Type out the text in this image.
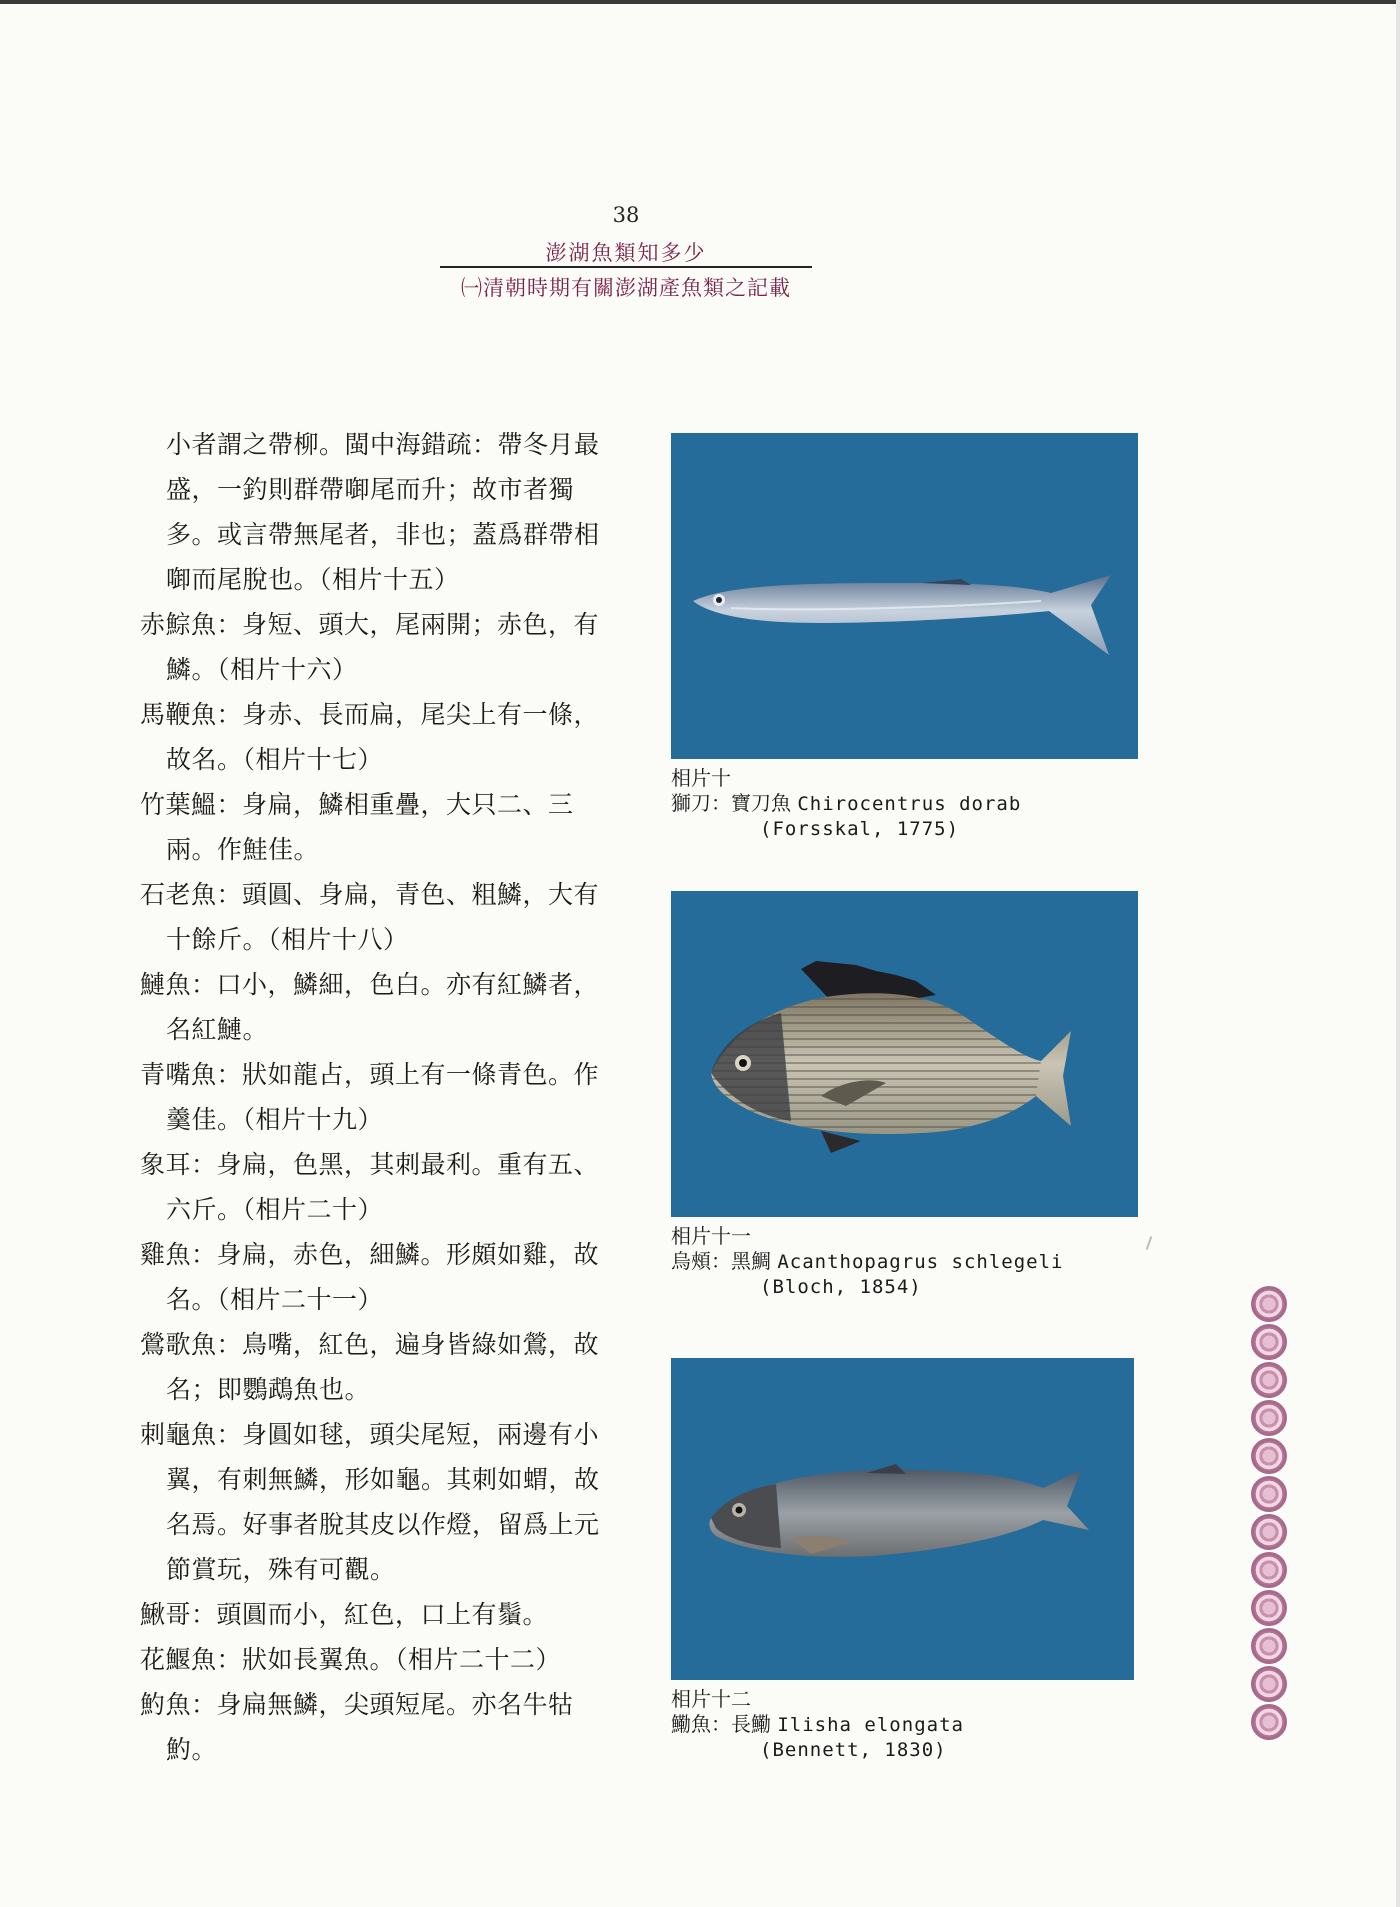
38
澎湖魚類知多少
㈠清朝時期有關澎湖產魚類之記載
小者謂之帶柳。閩中海錯疏：帶冬月最盛，一釣則群帶啣尾而升；故市者獨多。或言帶無尾者，非也；蓋爲群帶相啣而尾脫也。（相片十五）
赤鯮魚：身短、頭大，尾兩開；赤色，有鱗。（相片十六）
馬鞭魚：身赤、長而扁，尾尖上有一條，故名。（相片十七）
竹葉鰮：身扁，鱗相重疊，大只二、三兩。作鮭佳。
石老魚：頭圓、身扁，青色、粗鱗，大有十餘斤。（相片十八）
鰱魚：口小，鱗細，色白。亦有紅鱗者，名紅鰱。
青嘴魚：狀如龍占，頭上有一條青色。作羹佳。（相片十九）
象耳：身扁，色黑，其刺最利。重有五、六斤。（相片二十）
雞魚：身扁，赤色，細鱗。形頗如雞，故名。（相片二十一）
鶯歌魚：鳥嘴，紅色，遍身皆綠如鶯，故名；即鸚鵡魚也。
刺龜魚：身圓如毬，頭尖尾短，兩邊有小翼，有刺無鱗，形如龜。其刺如蝟，故名焉。好事者脫其皮以作燈，留爲上元節賞玩，殊有可觀。
鰍哥：頭圓而小，紅色，口上有鬚。
花鰋魚：狀如長翼魚。（相片二十二）
魡魚：身扁無鱗，尖頭短尾。亦名牛牯魡。
相片十
獅刀：寶刀魚 Chirocentrus dorab
(Forsskal, 1775)
相片十一
烏頰：黑鯛 Acanthopagrus schlegeli
(Bloch, 1854)
相片十二
鰳魚：長鰳 Ilisha elongata
(Bennett, 1830)
